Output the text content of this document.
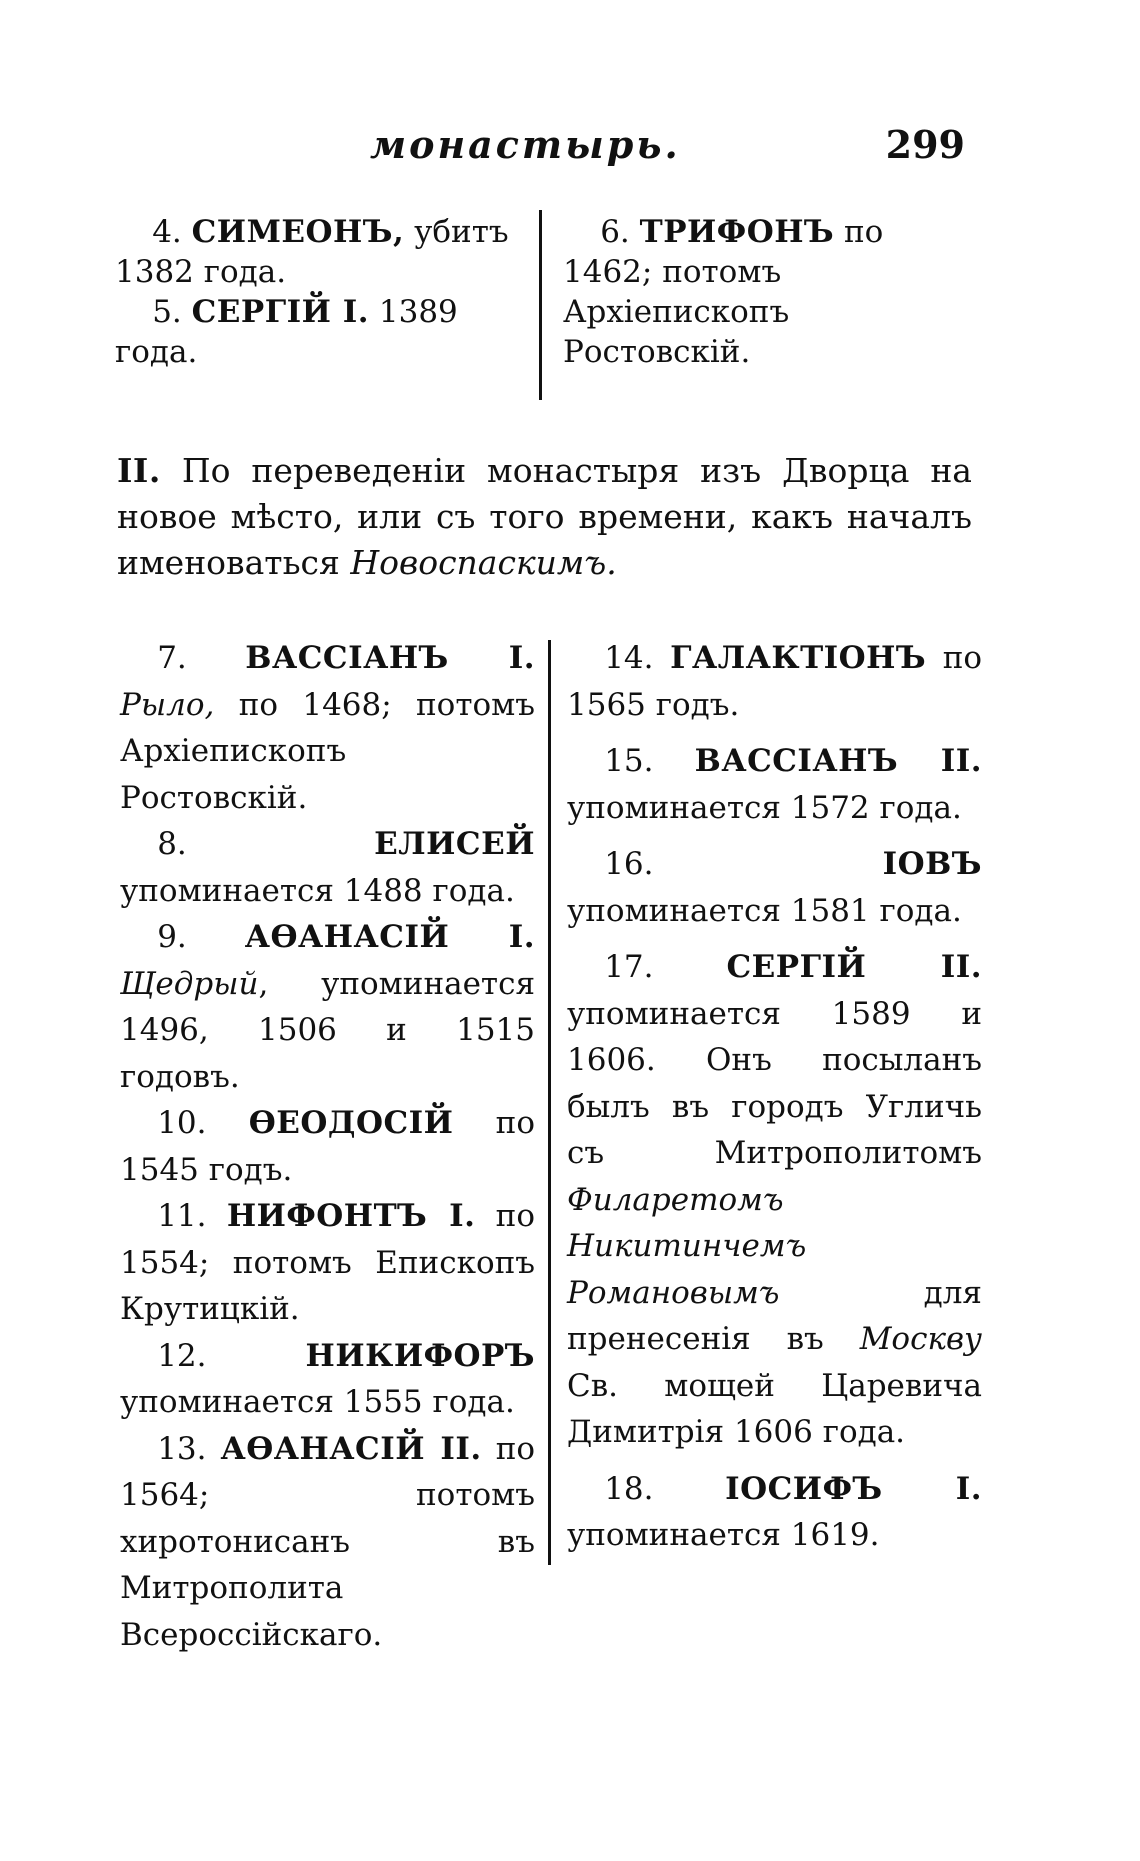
монастырь.	299

4. СИМЕОНЪ, убитъ 1382 года.

5. СЕРГІЙ I. 1389 года.

6. ТРИФОНЪ по 1462; потомъ Архіепископъ Ростовскій.

II. По переведеніи монастыря изъ Дворца на новое мѣсто, или съ того времени, какъ началъ именоваться Новоспаскимъ.

7. ВАССІАНЪ I. Рыло, по 1468; потомъ Архіепископъ Ростовскій.

8.	ЕЛИСЕЙ упоминается 1488 года.

9. АѲАНАСІЙ I. Щедрый, упоминается 1496, 1506 и 1515 годовъ.

10. ѲЕОДОСІЙ по 1545 годъ.

11. НИФОНТЪ I. по 1554; потомъ Епископъ Крутицкій.

12.	НИКИФОРЪ упоминается 1555 года.

13. АѲАНАСІЙ II. по 1564; потомъ хиротонисанъ въ Митрополита Всероссійскаго.

14. ГАЛАКТІОНЪ по 1565 годъ.

15. ВАССІАНЪ II. упоминается 1572 года.

16.	ІОВЪ упоминается 1581 года.

17. СЕРГІЙ II. упоминается 1589 и 1606. Онъ посыланъ былъ въ городъ Угличь съ Митрополитомъ Филаретомъ Никитинчемъ Романовымъ	для пренесенія въ Москву Св. мощей Царевича Димитрія 1606 года.

18. ІОСИФЪ I. упоминается 1619.
